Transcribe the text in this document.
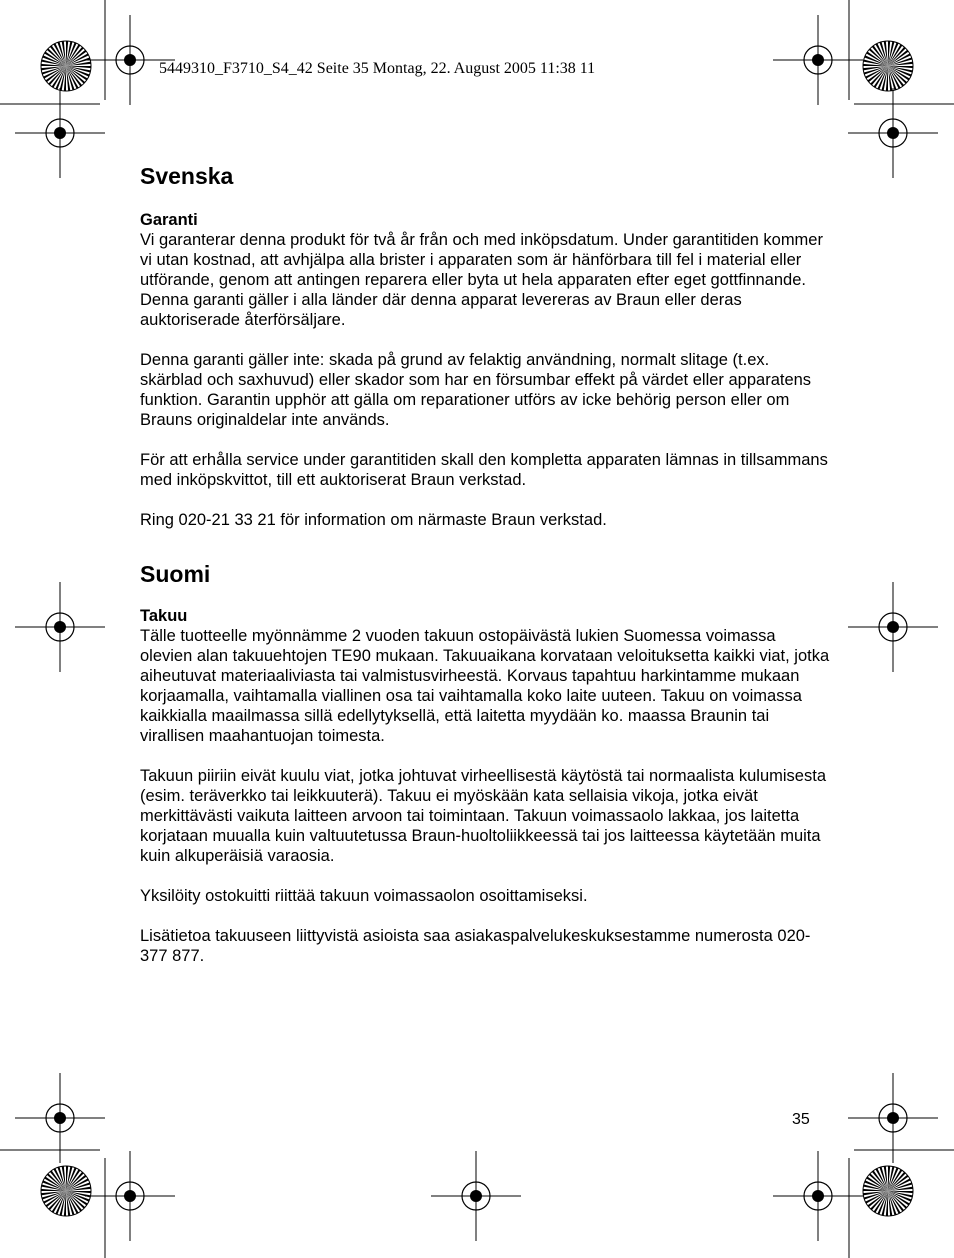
5449310_F3710_S4_42 Seite 35 Montag, 22. August 2005 11:38 11
Svenska
Garanti

Vi garanterar denna produkt för två år från och med inköpsdatum. Under garantitiden kommer vi utan kostnad, att avhjälpa alla brister i apparaten som är hänförbara till fel i material eller utförande, genom att antingen reparera eller byta ut hela apparaten efter eget gottfinnande.

Denna garanti gäller i alla länder där denna apparat levereras av Braun eller deras auktoriserade återförsäljare.

Denna garanti gäller inte: skada på grund av felaktig användning, normalt slitage (t.ex. skärblad och saxhuvud) eller skador som har en försumbar effekt på värdet eller apparatens funktion. Garantin upphör att gälla om reparationer utförs av icke behörig person eller om Brauns originaldelar inte används.

För att erhålla service under garantitiden skall den kompletta apparaten lämnas in tillsammans med inköpskvittot, till ett auktoriserat Braun verkstad.

Ring 020-21 33 21 för information om närmaste Braun verkstad.

Suomi
Takuu

Tälle tuotteelle myönnämme 2 vuoden takuun ostopäivästä lukien Suomessa voimassa olevien alan takuuehtojen TE90 mukaan. Takuuaikana korvataan veloituksetta kaikki viat, jotka aiheutuvat materiaaliviasta tai valmistusvirheestä. Korvaus tapahtuu harkintamme mukaan korjaamalla, vaihtamalla viallinen osa tai vaihtamalla koko laite uuteen. Takuu on voimassa kaikkialla maailmassa sillä edellytyksellä, että laitetta myydään ko. maassa Braunin tai virallisen maahantuojan toimesta.

Takuun piiriin eivät kuulu viat, jotka johtuvat virheellisestä käytöstä tai normaalista kulumisesta (esim. teräverkko tai leikkuuterä). Takuu ei myöskään kata sellaisia vikoja, jotka eivät merkittävästi vaikuta laitteen arvoon tai toimintaan. Takuun voimassaolo lakkaa, jos laitetta korjataan muualla kuin valtuutetussa Braun-huoltoliikkeessä tai jos laitteessa käytetään muita kuin alkuperäisiä varaosia.

Yksilöity ostokuitti riittää takuun voimassaolon osoittamiseksi.

Lisätietoa takuuseen liittyvistä asioista saa asiakaspalvelukeskuksestamme numerosta 020-377 877.

35
